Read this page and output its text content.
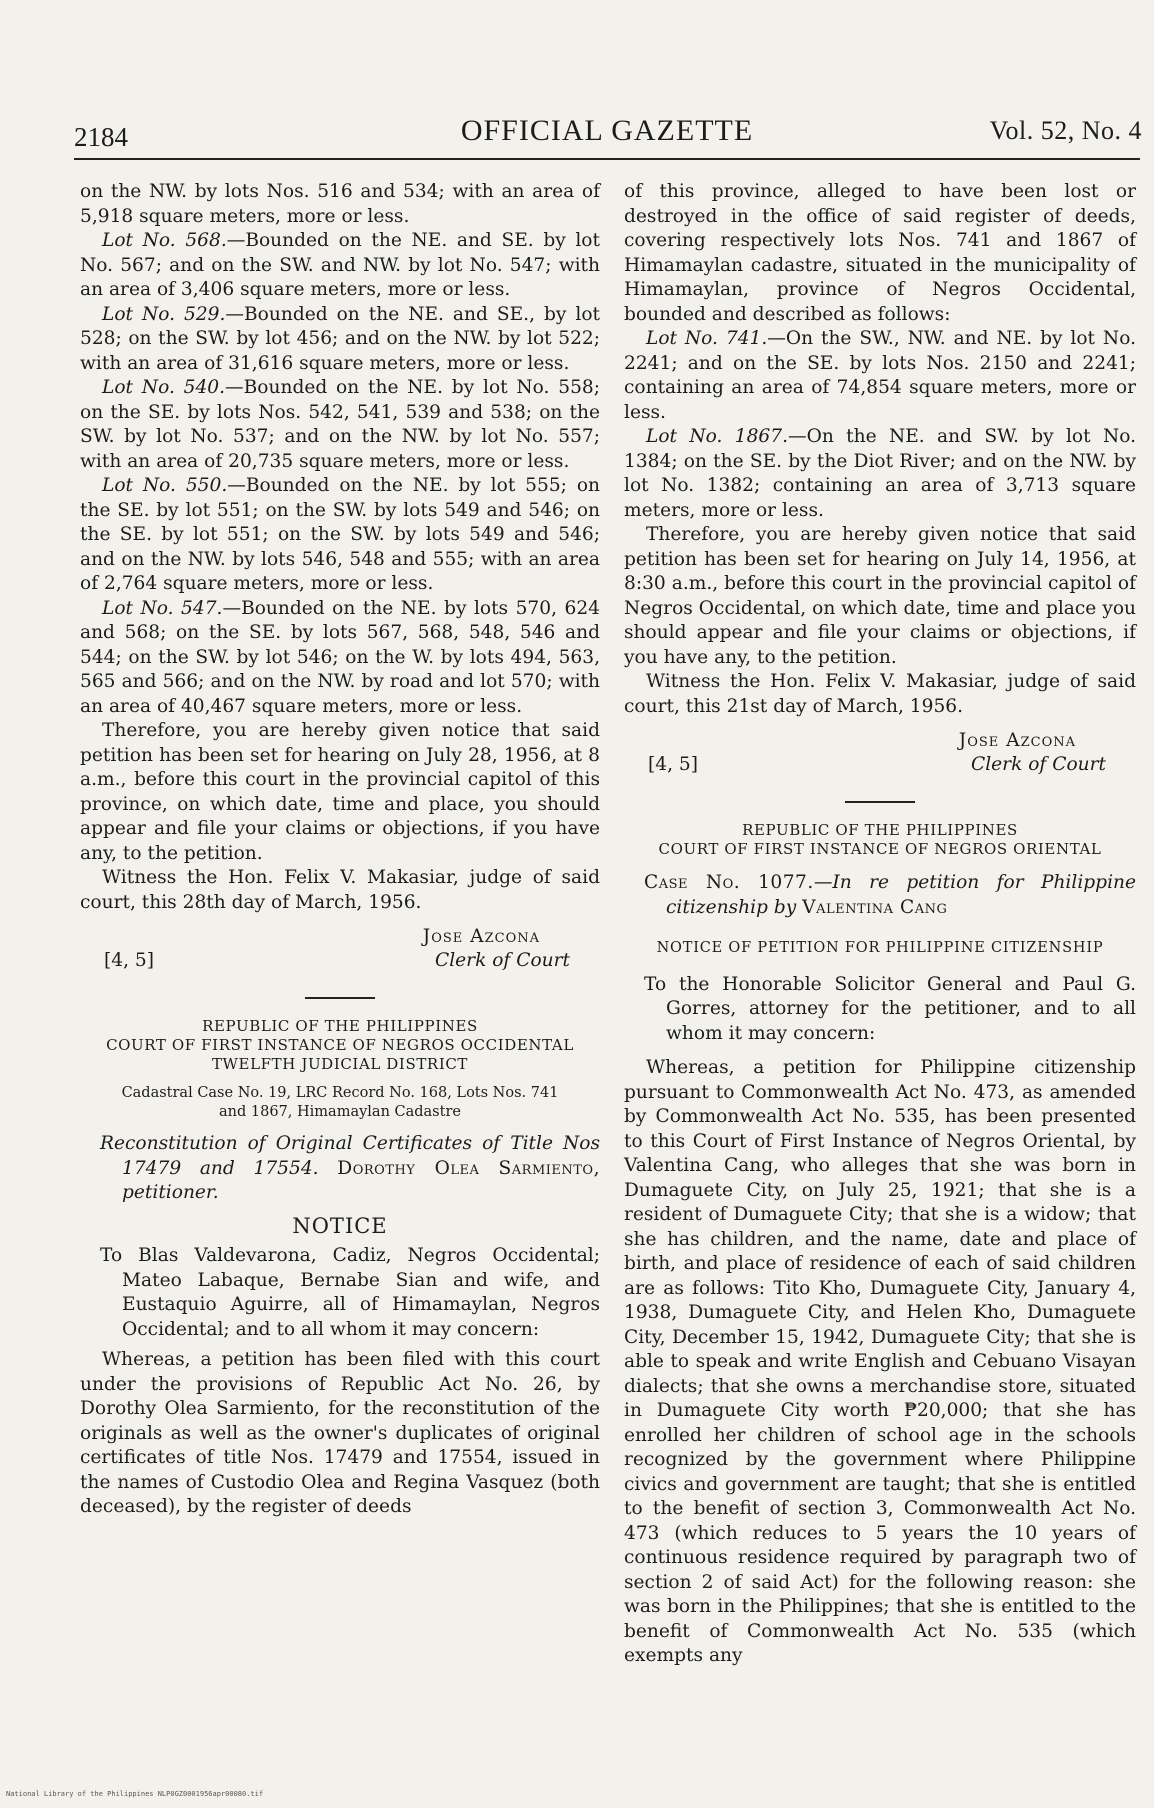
2184	OFFICIAL GAZETTE	Vol. 52, No. 4

on the NW. by lots Nos. 516 and 534; with an area of 5,918 square meters, more or less.

Lot No. 568.—Bounded on the NE. and SE. by lot No. 567; and on the SW. and NW. by lot No. 547; with an area of 3,406 square meters, more or less.

Lot No. 529.—Bounded on the NE. and SE., by lot 528; on the SW. by lot 456; and on the NW. by lot 522; with an area of 31,616 square meters, more or less.

Lot No. 540.—Bounded on the NE. by lot No. 558; on the SE. by lots Nos. 542, 541, 539 and 538; on the SW. by lot No. 537; and on the NW. by lot No. 557; with an area of 20,735 square meters, more or less.

Lot No. 550.—Bounded on the NE. by lot 555; on the SE. by lot 551; on the SW. by lots 549 and 546; on the SE. by lot 551; on the SW. by lots 549 and 546; and on the NW. by lots 546, 548 and 555; with an area of 2,764 square meters, more or less.

Lot No. 547.—Bounded on the NE. by lots 570, 624 and 568; on the SE. by lots 567, 568, 548, 546 and 544; on the SW. by lot 546; on the W. by lots 494, 563, 565 and 566; and on the NW. by road and lot 570; with an area of 40,467 square meters, more or less.

Therefore, you are hereby given notice that said petition has been set for hearing on July 28, 1956, at 8 a.m., before this court in the provincial capitol of this province, on which date, time and place, you should appear and file your claims or objections, if you have any, to the petition.

Witness the Hon. Felix V. Makasiar, judge of said court, this 28th day of March, 1956.

[4, 5]
Jose Azcona
Clerk of Court
REPUBLIC OF THE PHILIPPINES
COURT OF FIRST INSTANCE OF NEGROS OCCIDENTAL
TWELFTH JUDICIAL DISTRICT
Cadastral Case No. 19, LRC Record No. 168, Lots Nos. 741
and 1867, Himamaylan Cadastre

Reconstitution of Original Certificates of Title Nos 17479 and 17554. Dorothy Olea Sarmiento, petitioner.

NOTICE

To Blas Valdevarona, Cadiz, Negros Occidental; Mateo Labaque, Bernabe Sian and wife, and Eustaquio Aguirre, all of Himamaylan, Negros Occidental; and to all whom it may concern:

Whereas, a petition has been filed with this court under the provisions of Republic Act No. 26, by Dorothy Olea Sarmiento, for the reconstitution of the originals as well as the owner's duplicates of original certificates of title Nos. 17479 and 17554, issued in the names of Custodio Olea and Regina Vasquez (both deceased), by the register of deeds

of this province, alleged to have been lost or destroyed in the office of said register of deeds, covering respectively lots Nos. 741 and 1867 of Himamaylan cadastre, situated in the municipality of Himamaylan, province of Negros Occidental, bounded and described as follows:

Lot No. 741.—On the SW., NW. and NE. by lot No. 2241; and on the SE. by lots Nos. 2150 and 2241; containing an area of 74,854 square meters, more or less.

Lot No. 1867.—On the NE. and SW. by lot No. 1384; on the SE. by the Diot River; and on the NW. by lot No. 1382; containing an area of 3,713 square meters, more or less.

Therefore, you are hereby given notice that said petition has been set for hearing on July 14, 1956, at 8:30 a.m., before this court in the provincial capitol of Negros Occidental, on which date, time and place you should appear and file your claims or objections, if you have any, to the petition.

Witness the Hon. Felix V. Makasiar, judge of said court, this 21st day of March, 1956.

[4, 5]
Jose Azcona
Clerk of Court
REPUBLIC OF THE PHILIPPINES
COURT OF FIRST INSTANCE OF NEGROS ORIENTAL

Case No. 1077.—In re petition for Philippine citizenship by Valentina Cang

NOTICE OF PETITION FOR PHILIPPINE CITIZENSHIP

To the Honorable Solicitor General and Paul G. Gorres, attorney for the petitioner, and to all whom it may concern:

Whereas, a petition for Philippine citizenship pursuant to Commonwealth Act No. 473, as amended by Commonwealth Act No. 535, has been presented to this Court of First Instance of Negros Oriental, by Valentina Cang, who alleges that she was born in Dumaguete City, on July 25, 1921; that she is a resident of Dumaguete City; that she is a widow; that she has children, and the name, date and place of birth, and place of residence of each of said children are as follows: Tito Kho, Dumaguete City, January 4, 1938, Dumaguete City, and Helen Kho, Dumaguete City, December 15, 1942, Dumaguete City; that she is able to speak and write English and Cebuano Visayan dialects; that she owns a merchandise store, situated in Dumaguete City worth ₱20,000; that she has enrolled her children of school age in the schools recognized by the government where Philippine civics and government are taught; that she is entitled to the benefit of section 3, Commonwealth Act No. 473 (which reduces to 5 years the 10 years of continuous residence required by paragraph two of section 2 of said Act) for the following reason: she was born in the Philippines; that she is entitled to the benefit of Commonwealth Act No. 535 (which exempts any

National Library of the Philippines NLP0GZ0001956apr00080.tif
